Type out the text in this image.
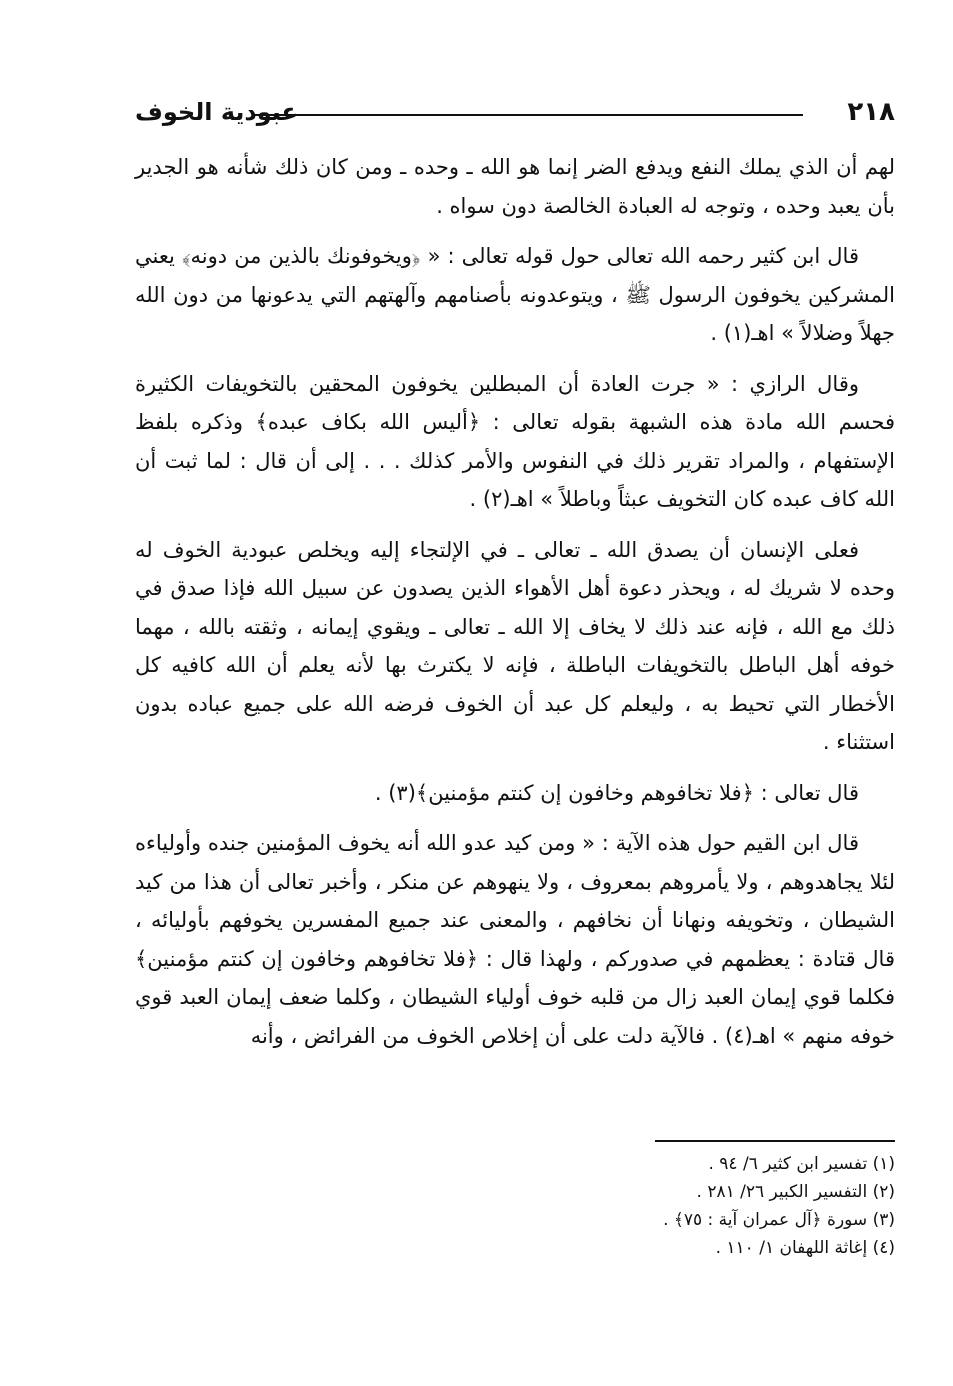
٢١٨
عبودية الخوف

لهم أن الذي يملك النفع ويدفع الضر إنما هو الله ـ وحده ـ ومن كان ذلك شأنه هو الجدير بأن يعبد وحده ، وتوجه له العبادة الخالصة دون سواه .

قال ابن كثير رحمه الله تعالى حول قوله تعالى : « ﴿ويخوفونك بالذين من دونه﴾ يعني المشركين يخوفون الرسول ﷺ ، ويتوعدونه بأصنامهم وآلهتهم التي يدعونها من دون الله جهلاً وضلالاً » اهـ(١) .

وقال الرازي : « جرت العادة أن المبطلين يخوفون المحقين بالتخويفات الكثيرة فحسم الله مادة هذه الشبهة بقوله تعالى : ﴿أليس الله بكاف عبده﴾ وذكره بلفظ الإستفهام ، والمراد تقرير ذلك في النفوس والأمر كذلك . . . إلى أن قال : لما ثبت أن الله كاف عبده كان التخويف عبثاً وباطلاً » اهـ(٢) .

فعلى الإنسان أن يصدق الله ـ تعالى ـ في الإلتجاء إليه ويخلص عبودية الخوف له وحده لا شريك له ، ويحذر دعوة أهل الأهواء الذين يصدون عن سبيل الله فإذا صدق في ذلك مع الله ، فإنه عند ذلك لا يخاف إلا الله ـ تعالى ـ ويقوي إيمانه ، وثقته بالله ، مهما خوفه أهل الباطل بالتخويفات الباطلة ، فإنه لا يكترث بها لأنه يعلم أن الله كافيه كل الأخطار التي تحيط به ، وليعلم كل عبد أن الخوف فرضه الله على جميع عباده بدون استثناء .

قال تعالى : ﴿فلا تخافوهم وخافون إن كنتم مؤمنين﴾(٣) .

قال ابن القيم حول هذه الآية : « ومن كيد عدو الله أنه يخوف المؤمنين جنده وأولياءه لئلا يجاهدوهم ، ولا يأمروهم بمعروف ، ولا ينهوهم عن منكر ، وأخبر تعالى أن هذا من كيد الشيطان ، وتخويفه ونهانا أن نخافهم ، والمعنى عند جميع المفسرين يخوفهم بأوليائه ، قال قتادة : يعظمهم في صدوركم ، ولهذا قال : ﴿فلا تخافوهم وخافون إن كنتم مؤمنين﴾ فكلما قوي إيمان العبد زال من قلبه خوف أولياء الشيطان ، وكلما ضعف إيمان العبد قوي خوفه منهم » اهـ(٤) . فالآية دلت على أن إخلاص الخوف من الفرائض ، وأنه

(١) تفسير ابن كثير ٦/ ٩٤ .

(٢) التفسير الكبير ٢٦/ ٢٨١ .

(٣) سورة ﴿آل عمران آية : ٧٥﴾ .

(٤) إغاثة اللهفان ١/ ١١٠ .
